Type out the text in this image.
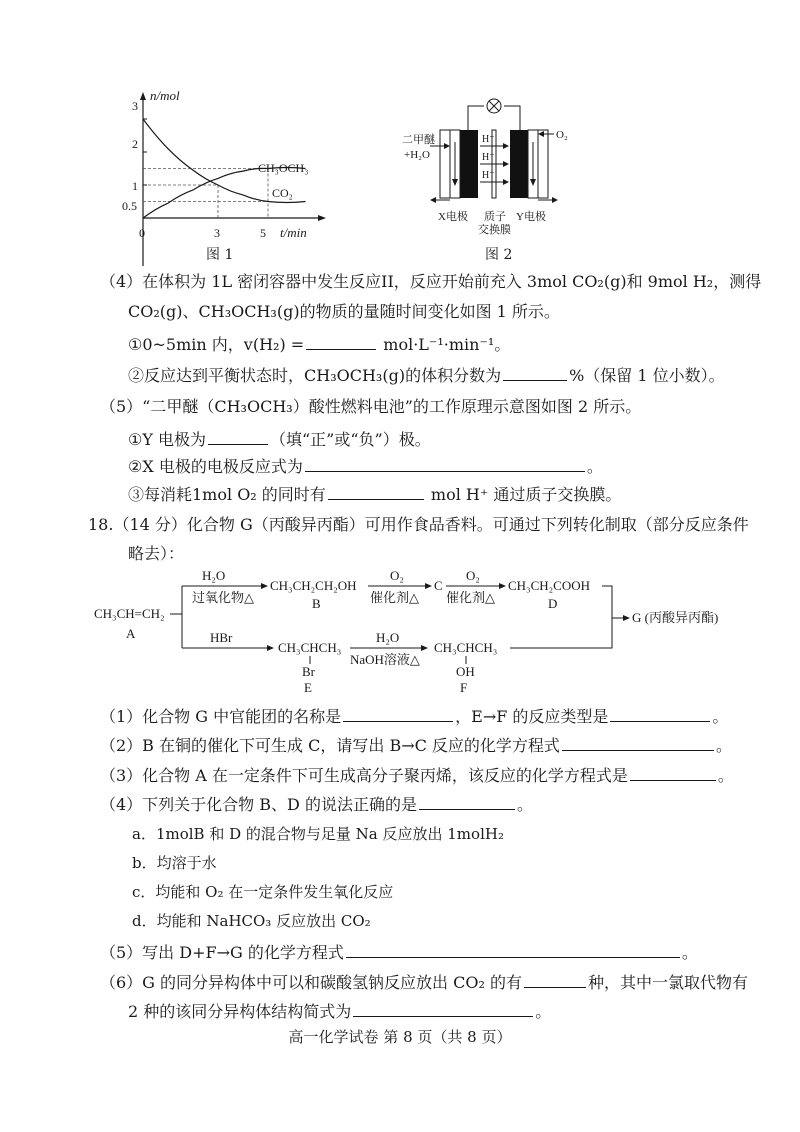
n/mol
t/min
3
2
1
0.5
0	3	5
CH₃OCH₃
CO₂
图 1
二甲醚
+H₂O
O₂
H⁺
H⁺
H⁺
X电极 质子
交换膜
Y电极
图 2
（4）在体积为 1L 密闭容器中发生反应II，反应开始前充入 3mol CO₂(g)和 9mol H₂，测得
CO₂(g)、CH₃OCH₃(g)的物质的量随时间变化如图 1 所示。
①0~5min 内，v(H₂) =	mol·L⁻¹·min⁻¹。
②反应达到平衡状态时，CH₃OCH₃(g)的体积分数为	%（保留 1 位小数）。
（5）“二甲醚（CH₃OCH₃）酸性燃料电池”的工作原理示意图如图 2 所示。
①Y 电极为	（填“正”或“负”）极。
②X 电极的电极反应式为	。
③每消耗1mol O₂ 的同时有	mol H⁺ 通过质子交换膜。
18.（14 分）化合物 G（丙酸异丙酯）可用作食品香料。可通过下列转化制取（部分反应条件
略去）：
CH₃CH=CH₂
A
H₂O
过氧化物△
CH₃CH₂CH₂OH
B
O₂
催化剂△
C
O₂
催化剂△
CH₃CH₂COOH
D
HBr
CH₃CHCH₃
Br
E
H₂O
NaOH溶液△
CH₃CHCH₃
OH
F
G (丙酸异丙酯)
（1）化合物 G 中官能团的名称是	，E→F 的反应类型是	。
（2）B 在铜的催化下可生成 C，请写出 B→C 反应的化学方程式	。
（3）化合物 A 在一定条件下可生成高分子聚丙烯，该反应的化学方程式是	。
（4）下列关于化合物 B、D 的说法正确的是	。
a．1molB 和 D 的混合物与足量 Na 反应放出 1molH₂
b．均溶于水
c．均能和 O₂ 在一定条件发生氧化反应
d．均能和 NaHCO₃ 反应放出 CO₂
（5）写出 D+F→G 的化学方程式	。
（6）G 的同分异构体中可以和碳酸氢钠反应放出 CO₂ 的有	种，其中一氯取代物有
2 种的该同分异构体结构简式为	。
高一化学试卷 第 8 页（共 8 页）
